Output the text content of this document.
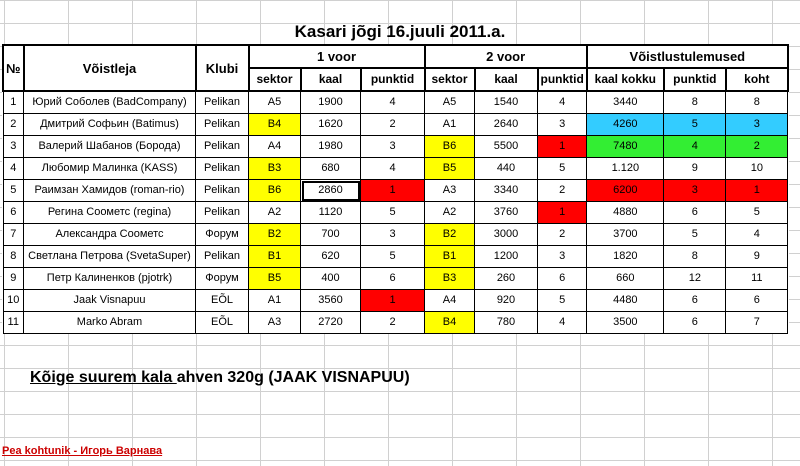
Kasari jõgi 16.juuli 2011.a.
№	Võistleja	Klubi	1 voor			2 voor			Võistlustulemused		
			sektor	kaal	punktid	sektor	kaal	punktid	kaal kokku	punktid	koht
1	Юрий Соболев (BadCompany)	Pelikan	A5	1900	4	A5	1540	4	3440	8	8
2	Дмитрий Софьин (Batimus)	Pelikan	B4	1620	2	A1	2640	3	4260	5	3
3	Валерий Шабанов (Борода)	Pelikan	A4	1980	3	B6	5500	1	7480	4	2
4	Любомир Малинка (KASS)	Pelikan	B3	680	4	B5	440	5	1.120	9	10
5	Раимзан Хамидов (roman-rio)	Pelikan	B6	2860	1	A3	3340	2	6200	3	1
6	Регина Соометс (regina)	Pelikan	A2	1120	5	A2	3760	1	4880	6	5
7	Александра Соометс	Форум	B2	700	3	B2	3000	2	3700	5	4
8	Светлана Петрова (SvetaSuper)	Pelikan	B1	620	5	B1	1200	3	1820	8	9
9	Петр Калиненков (pjotrk)	Форум	B5	400	6	B3	260	6	660	12	11
10	Jaak Visnapuu	EÕL	A1	3560	1	A4	920	5	4480	6	6
11	Marko Abram	EÕL	A3	2720	2	B4	780	4	3500	6	7
Kõige suurem kala ahven 320g (JAAK VISNAPUU)
Pea kohtunik - Игорь Варнава
